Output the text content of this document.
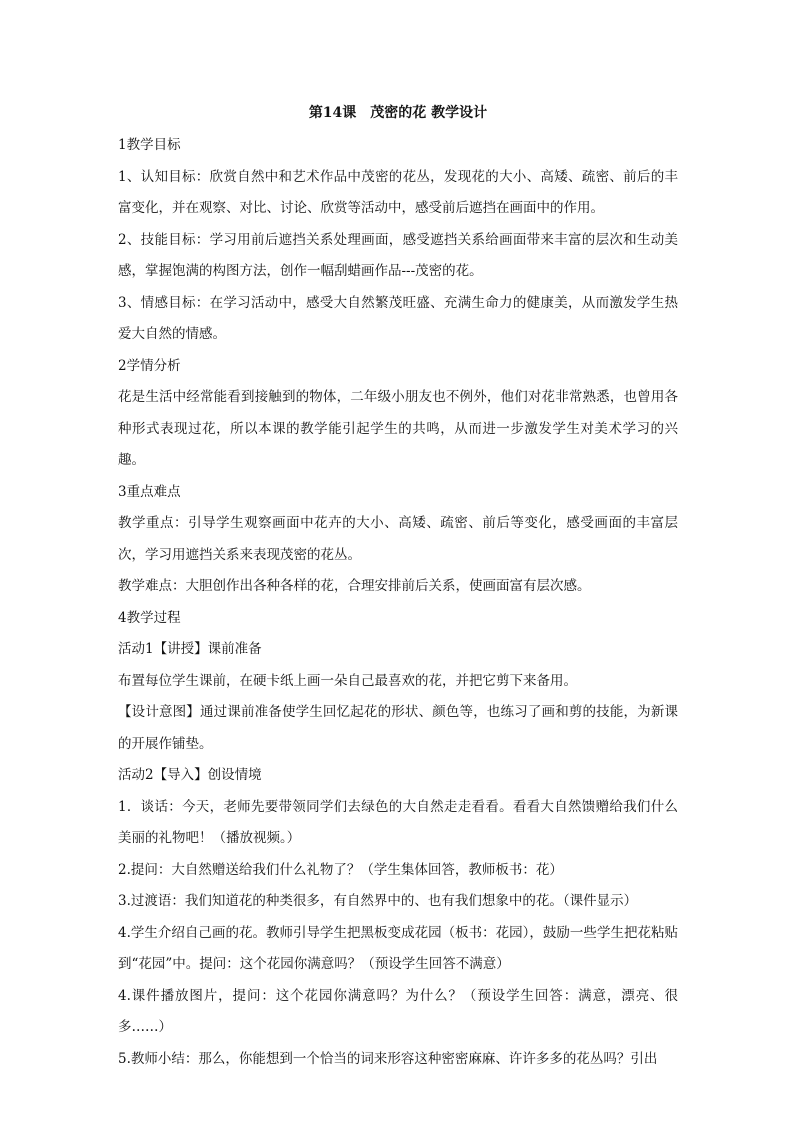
第14课　茂密的花 教学设计

1教学目标

1、认知目标：欣赏自然中和艺术作品中茂密的花丛，发现花的大小、高矮、疏密、前后的丰富变化，并在观察、对比、讨论、欣赏等活动中，感受前后遮挡在画面中的作用。

2、技能目标：学习用前后遮挡关系处理画面，感受遮挡关系给画面带来丰富的层次和生动美感，掌握饱满的构图方法，创作一幅刮蜡画作品---茂密的花。

3、情感目标：在学习活动中，感受大自然繁茂旺盛、充满生命力的健康美，从而激发学生热爱大自然的情感。

2学情分析

花是生活中经常能看到接触到的物体，二年级小朋友也不例外，他们对花非常熟悉，也曾用各种形式表现过花，所以本课的教学能引起学生的共鸣，从而进一步激发学生对美术学习的兴趣。

3重点难点

教学重点：引导学生观察画面中花卉的大小、高矮、疏密、前后等变化，感受画面的丰富层次，学习用遮挡关系来表现茂密的花丛。

教学难点：大胆创作出各种各样的花，合理安排前后关系，使画面富有层次感。

4教学过程

活动1【讲授】课前准备

布置每位学生课前，在硬卡纸上画一朵自己最喜欢的花，并把它剪下来备用。

【设计意图】通过课前准备使学生回忆起花的形状、颜色等，也练习了画和剪的技能，为新课的开展作铺垫。

活动2【导入】创设情境

1．谈话：今天，老师先要带领同学们去绿色的大自然走走看看。看看大自然馈赠给我们什么美丽的礼物吧！（播放视频。）

2.提问：大自然赠送给我们什么礼物了？（学生集体回答，教师板书：花）

3.过渡语：我们知道花的种类很多，有自然界中的、也有我们想象中的花。（课件显示）

4.学生介绍自己画的花。教师引导学生把黑板变成花园（板书：花园），鼓励一些学生把花粘贴到“花园”中。提问：这个花园你满意吗？（预设学生回答不满意）

4.课件播放图片，提问：这个花园你满意吗？为什么？（预设学生回答：满意，漂亮、很多……）

5.教师小结：那么，你能想到一个恰当的词来形容这种密密麻麻、许许多多的花丛吗？引出
